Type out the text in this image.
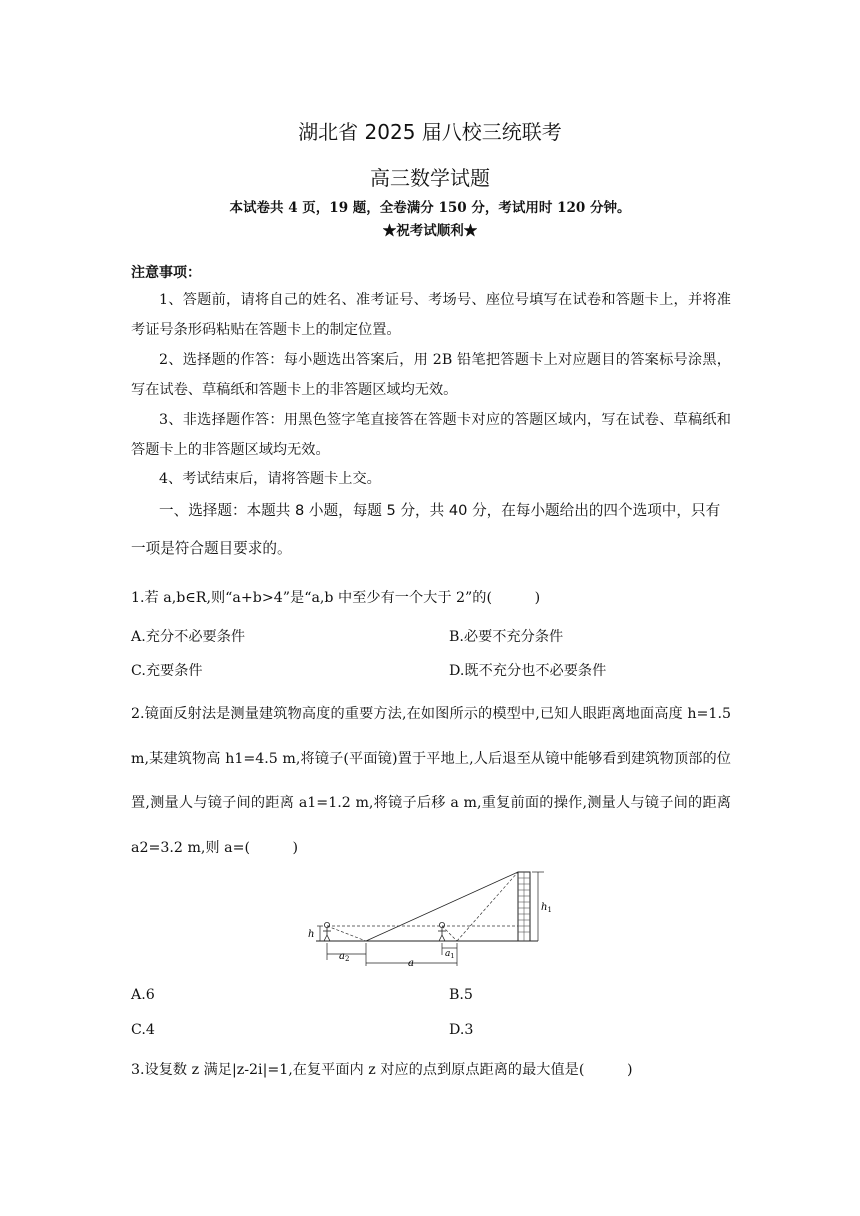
湖北省 2025 届八校三统联考
高三数学试题
本试卷共 4 页，19 题，全卷满分 150 分，考试用时 120 分钟。
★祝考试顺利★
注意事项：
1、答题前，请将自己的姓名、准考证号、考场号、座位号填写在试卷和答题卡上，并将准考证号条形码粘贴在答题卡上的制定位置。
2、选择题的作答：每小题选出答案后，用 2B 铅笔把答题卡上对应题目的答案标号涂黑，写在试卷、草稿纸和答题卡上的非答题区域均无效。
3、非选择题作答：用黑色签字笔直接答在答题卡对应的答题区域内，写在试卷、草稿纸和答题卡上的非答题区域均无效。
4、考试结束后，请将答题卡上交。
一、选择题：本题共 8 小题，每题 5 分，共 40 分，在每小题给出的四个选项中，只有一项是符合题目要求的。
1.若 a,b∈R,则“a+b>4”是“a,b 中至少有一个大于 2”的(　　　)
A.充分不必要条件	B.必要不充分条件
C.充要条件	D.既不充分也不必要条件
2.镜面反射法是测量建筑物高度的重要方法,在如图所示的模型中,已知人眼距离地面高度 h=1.5 m,某建筑物高 h1=4.5 m,将镜子(平面镜)置于平地上,人后退至从镜中能够看到建筑物顶部的位置,测量人与镜子间的距离 a1=1.2 m,将镜子后移 a m,重复前面的操作,测量人与镜子间的距离 a2=3.2 m,则 a=(　　　)
$h_1$
h
$a_2$	a
$a_1$
A.6	B.5
C.4	D.3
3.设复数 z 满足|z-2i|=1,在复平面内 z 对应的点到原点距离的最大值是(　　　)
